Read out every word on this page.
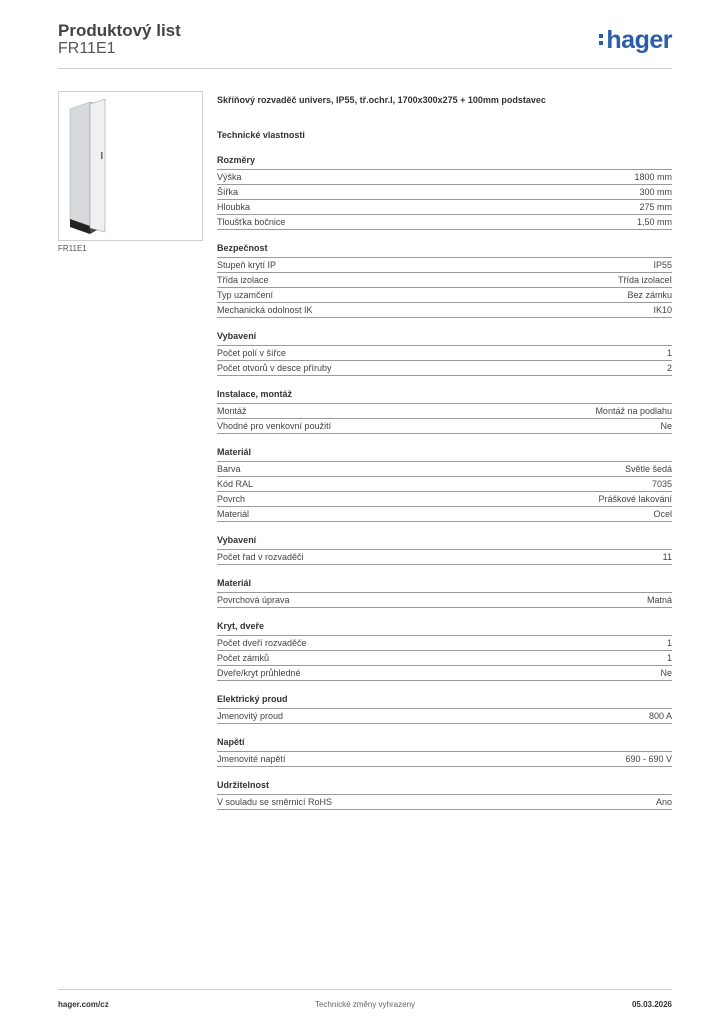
Produktový list
FR11E1	hager
FR11E1
Skříňový rozvaděč univers, IP55, tř.ochr.I, 1700x300x275 + 100mm podstavec
Technické vlastnosti
Rozměry
Výška	1800 mm
Šířka	300 mm
Hloubka	275 mm
Tloušťka bočnice	1,50 mm
Bezpečnost
Stupeň krytí IP	IP55
Třída izolace	Třída izolaceI
Typ uzamčení	Bez zámku
Mechanická odolnost IK	IK10
Vybavení
Počet polí v šířce	1
Počet otvorů v desce příruby	2
Instalace, montáž
Montáž	Montáž na podlahu
Vhodné pro venkovní použití	Ne
Materiál
Barva	Světle šedá
Kód RAL	7035
Povrch	Práškové lakování
Materiál	Ocel
Vybavení
Počet řad v rozvaděči	11
Materiál
Povrchová úprava	Matná
Kryt, dveře
Počet dveří rozvaděče	1
Počet zámků	1
Dveře/kryt průhledné	Ne
Elektrický proud
Jmenovitý proud	800 A
Napětí
Jmenovité napětí	690 - 690 V
Udržitelnost
V souladu se směrnicí RoHS	Ano
hager.com/cz	Technické změny vyhrazeny	05.03.2026
